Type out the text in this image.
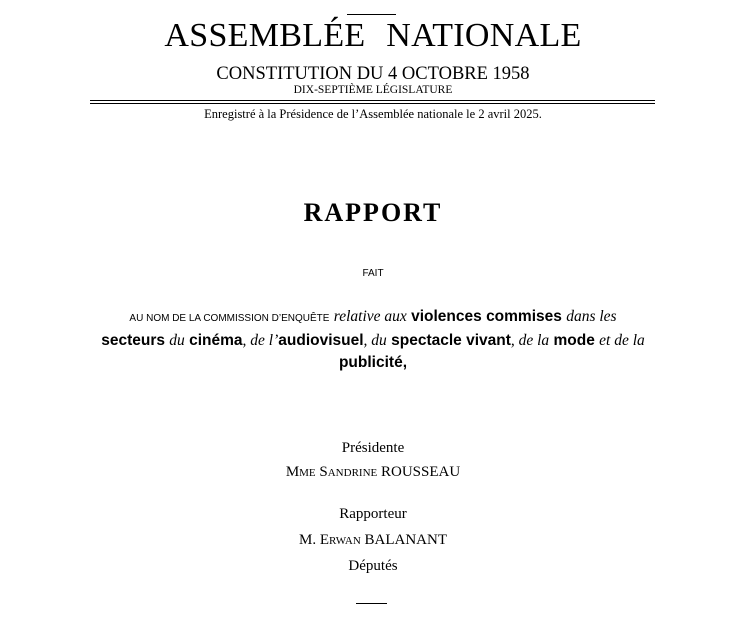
ASSEMBLÉE NATIONALE
CONSTITUTION DU 4 OCTOBRE 1958
DIX-SEPTIÈME LÉGISLATURE
Enregistré à la Présidence de l’Assemblée nationale le 2 avril 2025.
RAPPORT
FAIT
AU NOM DE LA COMMISSION D’ENQUÊTE relative aux violences commises dans les secteurs du cinéma, de l’audiovisuel, du spectacle vivant, de la mode et de la publicité,
Présidente
Mme Sandrine ROUSSEAU
Rapporteur
M. Erwan BALANANT
Députés
